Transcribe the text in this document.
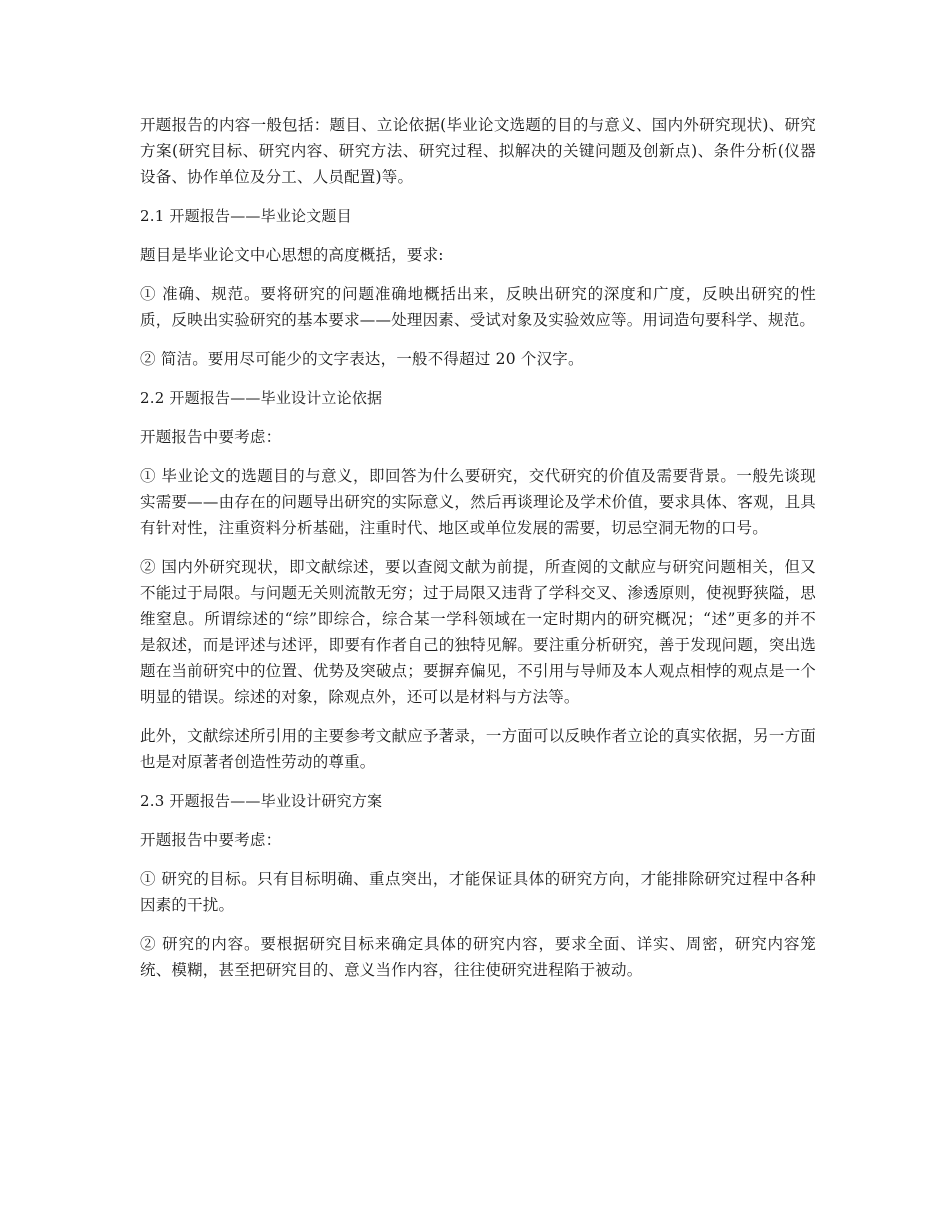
开题报告的内容一般包括：题目、立论依据(毕业论文选题的目的与意义、国内外研究现状)、研究方案(研究目标、研究内容、研究方法、研究过程、拟解决的关键问题及创新点)、条件分析(仪器设备、协作单位及分工、人员配置)等。

2.1 开题报告——毕业论文题目

题目是毕业论文中心思想的高度概括，要求:

① 准确、规范。要将研究的问题准确地概括出来，反映出研究的深度和广度，反映出研究的性质，反映出实验研究的基本要求——处理因素、受试对象及实验效应等。用词造句要科学、规范。

② 简洁。要用尽可能少的文字表达，一般不得超过 20 个汉字。

2.2 开题报告——毕业设计立论依据

开题报告中要考虑：

① 毕业论文的选题目的与意义，即回答为什么要研究，交代研究的价值及需要背景。一般先谈现实需要——由存在的问题导出研究的实际意义，然后再谈理论及学术价值，要求具体、客观，且具有针对性，注重资料分析基础，注重时代、地区或单位发展的需要，切忌空洞无物的口号。

② 国内外研究现状，即文献综述，要以查阅文献为前提，所查阅的文献应与研究问题相关，但又不能过于局限。与问题无关则流散无穷；过于局限又违背了学科交叉、渗透原则，使视野狭隘，思维窒息。所谓综述的“综”即综合，综合某一学科领域在一定时期内的研究概况；“述”更多的并不是叙述，而是评述与述评，即要有作者自己的独特见解。要注重分析研究，善于发现问题，突出选题在当前研究中的位置、优势及突破点；要摒弃偏见，不引用与导师及本人观点相悖的观点是一个明显的错误。综述的对象，除观点外，还可以是材料与方法等。

此外，文献综述所引用的主要参考文献应予著录，一方面可以反映作者立论的真实依据，另一方面也是对原著者创造性劳动的尊重。

2.3 开题报告——毕业设计研究方案

开题报告中要考虑：

① 研究的目标。只有目标明确、重点突出，才能保证具体的研究方向，才能排除研究过程中各种因素的干扰。

② 研究的内容。要根据研究目标来确定具体的研究内容，要求全面、详实、周密，研究内容笼统、模糊，甚至把研究目的、意义当作内容，往往使研究进程陷于被动。
